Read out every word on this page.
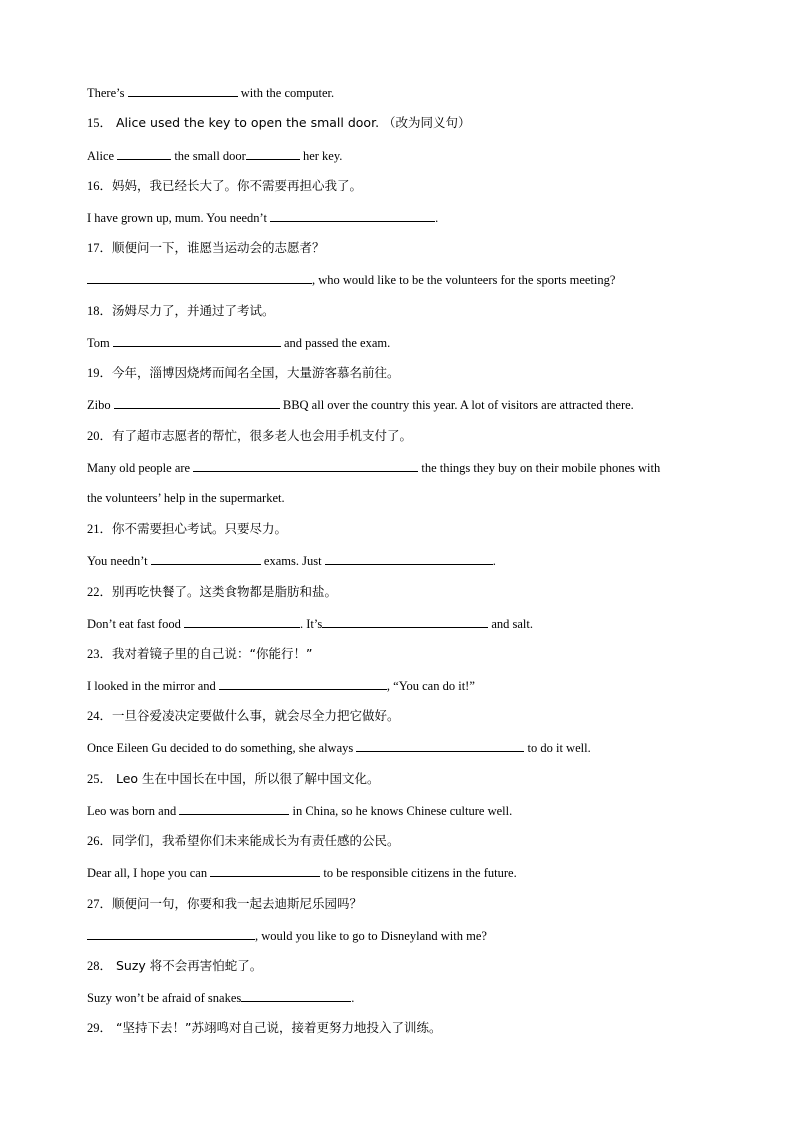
There’s	with the computer.
15． Alice used the key to open the small door. （改为同义句）
Alice	the small door	her key.
16．妈妈，我已经长大了。你不需要再担心我了。
I have grown up, mum. You needn’t	.
17．顺便问一下，谁愿当运动会的志愿者？
, who would like to be the volunteers for the sports meeting?
18．汤姆尽力了，并通过了考试。
Tom	and passed the exam.
19．今年，淄博因烧烤而闻名全国，大量游客慕名前往。
Zibo	BBQ all over the country this year. A lot of visitors are attracted there.
20．有了超市志愿者的帮忙，很多老人也会用手机支付了。
Many old people are	the things they buy on their mobile phones with
the volunteers’ help in the supermarket.
21．你不需要担心考试。只要尽力。
You needn’t	exams. Just	.
22．别再吃快餐了。这类食物都是脂肪和盐。
Don’t eat fast food	. It’s	and salt.
23．我对着镜子里的自己说：“你能行！”
I looked in the mirror and	, “You can do it!”
24．一旦谷爱凌决定要做什么事，就会尽全力把它做好。
Once Eileen Gu decided to do something, she always	to do it well.
25． Leo 生在中国长在中国，所以很了解中国文化。
Leo was born and	in China, so he knows Chinese culture well.
26．同学们，我希望你们未来能成长为有责任感的公民。
Dear all, I hope you can	to be responsible citizens in the future.
27．顺便问一句，你要和我一起去迪斯尼乐园吗？
, would you like to go to Disneyland with me?
28． Suzy 将不会再害怕蛇了。
Suzy won’t be afraid of snakes	.
29． “坚持下去！”苏翊鸣对自己说，接着更努力地投入了训练。
